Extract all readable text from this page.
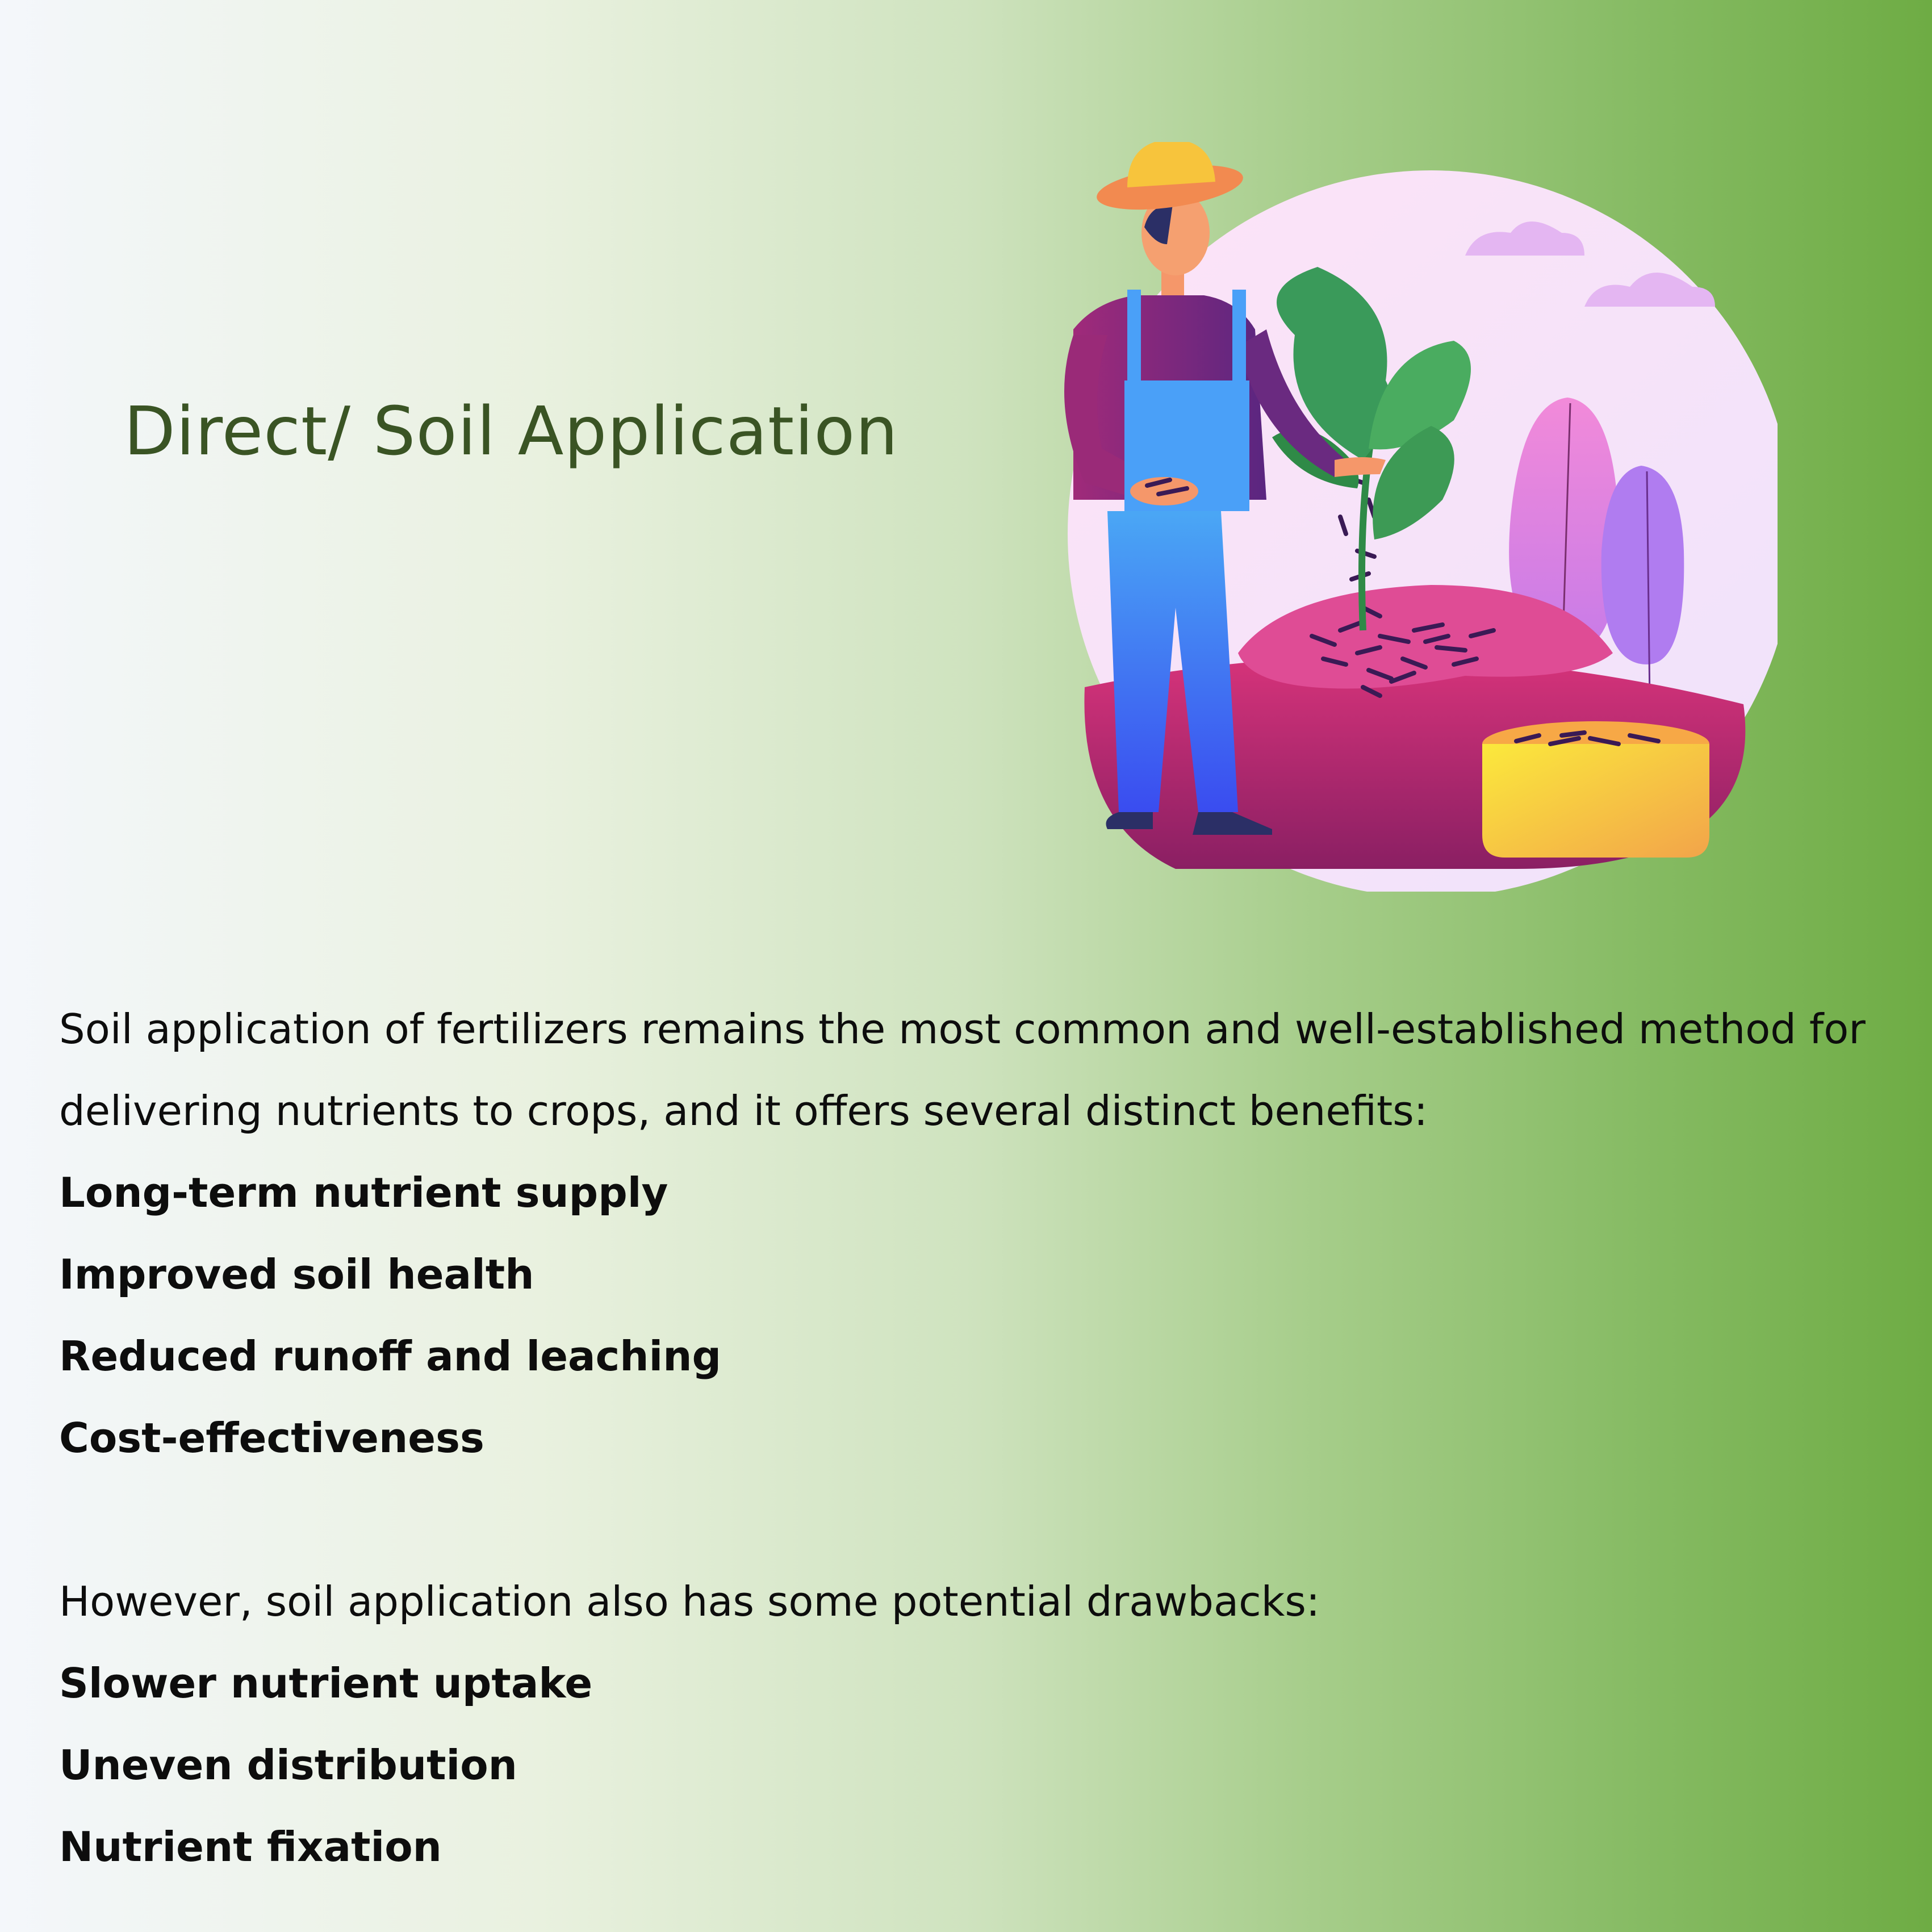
Direct/ Soil Application

Soil application of fertilizers remains the most common and well-established method for

delivering nutrients to crops, and it offers several distinct benefits:

Long-term nutrient supply

Improved soil health

Reduced runoff and leaching

Cost-effectiveness

However, soil application also has some potential drawbacks:

Slower nutrient uptake

Uneven distribution

Nutrient fixation
